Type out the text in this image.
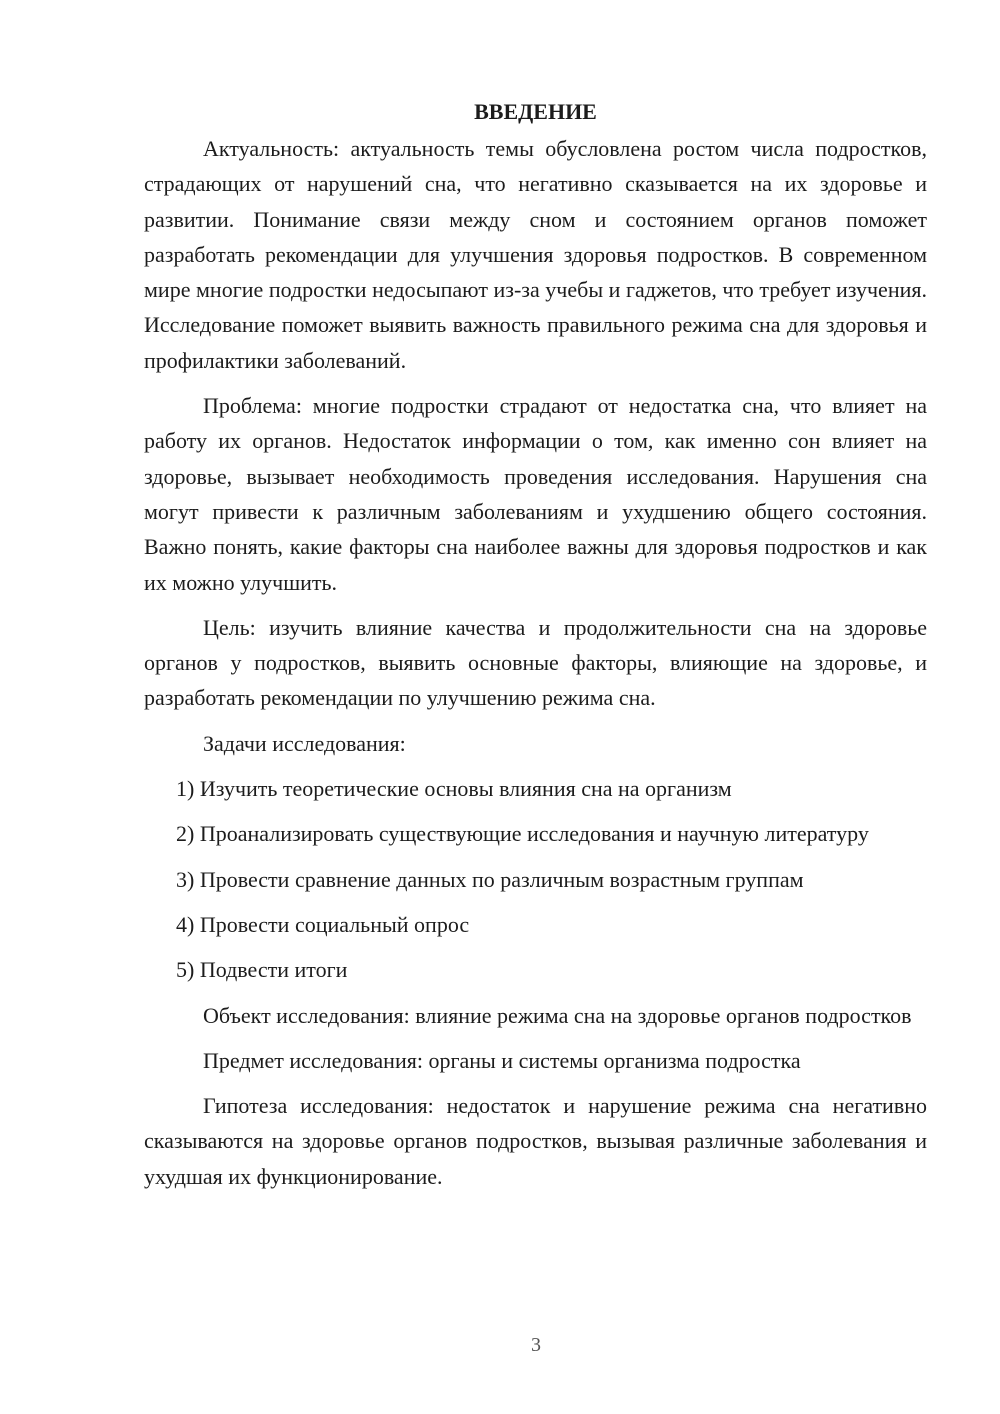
ВВЕДЕНИЕ

Актуальность: актуальность темы обусловлена ростом числа подростков, страдающих от нарушений сна, что негативно сказывается на их здоровье и развитии. Понимание связи между сном и состоянием органов поможет разработать рекомендации для улучшения здоровья подростков. В современном мире многие подростки недосыпают из-за учебы и гаджетов, что требует изучения. Исследование поможет выявить важность правильного режима сна для здоровья и профилактики заболеваний.

Проблема: многие подростки страдают от недостатка сна, что влияет на работу их органов. Недостаток информации о том, как именно сон влияет на здоровье, вызывает необходимость проведения исследования. Нарушения сна могут привести к различным заболеваниям и ухудшению общего состояния. Важно понять, какие факторы сна наиболее важны для здоровья подростков и как их можно улучшить.

Цель: изучить влияние качества и продолжительности сна на здоровье органов у подростков, выявить основные факторы, влияющие на здоровье, и разработать рекомендации по улучшению режима сна.

Задачи исследования:

1) Изучить теоретические основы влияния сна на организм

2) Проанализировать существующие исследования и научную литературу

3) Провести сравнение данных по различным возрастным группам

4) Провести социальный опрос

5) Подвести итоги

Объект исследования: влияние режима сна на здоровье органов подростков

Предмет исследования: органы и системы организма подростка

Гипотеза исследования: недостаток и нарушение режима сна негативно сказываются на здоровье органов подростков, вызывая различные заболевания и ухудшая их функционирование.

3
